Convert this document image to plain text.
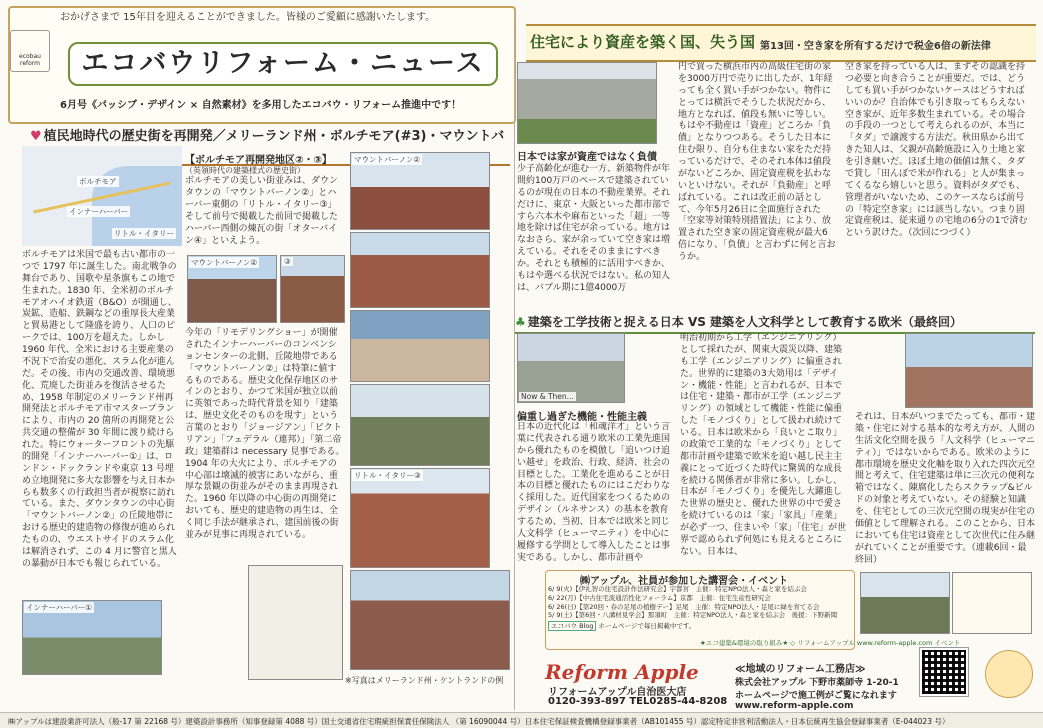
おかげさまで 15年目を迎えることができました。皆様のご愛顧に感謝いたします。
ecobau reform	エコバウリフォーム・ニュース
6月号《パッシブ・デザイン × 自然素材》を多用したエコバウ・リフォーム推進中です！
♥ 植民地時代の歴史街を再開発／メリーランド州・ボルチモア(#3)・マウントバ
ボルチモア
インナーハーバー
リトル・イタリー
ボルチモアは米国で最も古い都市の一つで 1797 年に誕生した。南北戦争の舞台であり、国歌や星条旗もこの地で生まれた。1830 年、全米初のボルチモアオハイオ鉄道（B&O）が開通し、炭鉱、造船、鉄鋼などの重厚長大産業と貿易港として隆盛を誇り、人口のピークでは、100万を超えた。しかし 1960 年代、全米における主要産業の不況下で治安の悪化、スラム化が進んだ。その後、市内の交通改善、環境悪化、荒廃した街並みを復活させるため、1958 年制定のメリーランド州再開発法とボルチモア市マスタープランにより、市内の 20 箇所の再開発と公共交通の整備が 30 年間に渡り続けられた。特にウォーターフロントの先駆的開発「インナーハーバー①」は、ロンドン・ドックランドや東京 13 号埋め立地開発に多大な影響を与え日本からも数多くの行政担当者が視察に訪れている。また、ダウンタウンの中心街「マウントバーノン②」の丘陵地帯における歴史的建造物の修復が進められたものの、ウエストサイドのスラム化は解消されず、この 4 月に警官と黒人の暴動が日本でも報じられている。
【ボルチモア再開発地区②・③】
（英領時代の建築様式の歴史街）
ボルチモアの美しい街並みは、ダウンタウンの「マウントバーノン②」とハーバー東側の「リトル・イタリー③」そして前号で掲載した前回で掲載したハーバー西側の煉瓦の街「オターバイン④」といえよう。
今年の「リモデリングショー」が開催されたインナーハーバーのコンベンションセンターの北側、丘陵地帯である「マウントバーノン②」は特筆に値するものである。歴史文化保存地区のサインのとおり、かつて米国が独立以前に英領であった時代背景を知り「建築は、歴史文化そのものを現す」という言葉のとおり「ジョージアン」「ビクトリアン」「フェデラル（連邦）」「第二帝政」建築群は necessary 見事である。1904 年の大火により、ボルチモアの中心部は壊滅的被害にあいながら、重厚な景観の街並みがそのまま再現された。1960 年以降の中心街の再開発においても、歴史的建造物の再生は、全く同じ手法が継承され、建国前後の街並みが見事に再現されている。
マウントバーノン②	③
マウントバーノン②
リトル・イタリー③
インナーハーバー①
※写真はメリーランド州・ケントランドの例
住宅により資産を築く国、失う国 第13回・空き家を所有するだけで税金6倍の新法律
日本では家が資産ではなく負債
少子高齢化が進む一方、新築物件が年間約100万戸のペースで建築されているのが現在の日本の不動産業界。それだけに、東京・大阪といった都市部ですら六本木や麻布といった「超」一等地を除けば住宅が余っている。地方はなおさら、家が余っていて空き家は増えている。それをそのままにすべきか。それとも積極的に活用すべきか、もはや選べる状況ではない。私の知人は、バブル期に1億4000万
円で買った横浜市内の高級住宅街の家を3000万円で売りに出したが、1年経っても全く買い手がつかない。物件にとっては横浜でそうした状況だから、地方となれば、値段も無いに等しい。もはや不動産は「資産」どころか「負債」となりつつある。そうした日本に住む限り、自分も住まない家をただ持っているだけで、そのそれ本体は値段がないどころか、固定資産税を払わないといけない。それが「負動産」と呼ばれている。これは改正前の話として、今年5月26日に全面施行された「空家等対策特別措置法」により、放置された空き家の固定資産税が最大6倍になり、「負債」と言わずに何と言おうか。
空き家を持っている人は、まずその認識を持つ必要と向き合うことが重要だ。では、どうしても買い手がつかないケースはどうすればいいのか？自治体でも引き取ってもらえない空き家が、近年多数生まれている。その場合の手段の一つとして考えられるのが、本当に「タダ」で譲渡する方法だ。秋田県から出てきた知人は、父親が高齢施設に入り土地と家を引き継いだ。ほぼ土地の価値は無く、タダで貸し「田んぼで米が作れる」と人が集まってくるなら嬉しいと思う。資料がタダでも、管理者がいないため、このケースならば前号の「特定空き家」には該当しない。つまり固定資産税は、従来通りの宅地の6分の1で済むという訳けた。（次回につづく）
♣ 建築を工学技術と捉える日本 VS 建築を人文科学として教育する欧米（最終回）
Now & Then...
偏重し過ぎた機能・性能主義
日本の近代化は「和魂洋才」という言葉に代表される通り欧米の工業先進国から優れたものを模倣し「追いつけ追い越せ」を政治、行政、経済、社会の目標とした。工業化を進めることが日本の目標と優れたものにはこだわりなく採用した。近代国家をつくるためのデザイン（ルネサンス）の基本を教育するため、当初、日本では欧米と同じ人文科学（ヒューマニティ）を中心に履修する学問として導入したことは事実である。しかし、都市計画や
明治初期から工学（エンジニアリング）として採れたが、関東大震災以降、建築も工学（エンジニアリング）に偏重された。世界的に建築の3大効用は「デザイン・機能・性能」と言われるが、日本では住宅・建築・都市が工学（エンジニアリング）の領域として機能・性能に偏重した「モノづくり」として扱われ続けている。日本は欧米から「良いとこ取り」の政策で工業的な「モノづくり」として都市計画や建築で欧米を追い越し民主主義にとって近づくた時代に驚異的な成長を続ける関係者が非常に多い。しかし、日本が「モノづくり」を優先し大躍進した世界の歴史と、優れた世界の中で愛さを続けているのは「家」「家具」「産業」が必ず一つ、住まいや「家」「住宅」が世界で認められず何処にも見えるところにない。日本は、
それは、日本がいつまでたっても、都市・建築・住宅に対する基本的な考え方が、人間の生活文化空間を扱う「人文科学（ヒューマニティ）」ではないからである。欧米のように都市環境を歴史文化軸を取り入れた四次元空間と考えて、住宅建築は単に三次元の便利な箱ではなく、陳腐化したらスクラップ&ビルドの対象と考えていない。その経験と知識を、住宅としての三次元空間の現実が住宅の価値として理解される。このことから、日本においても住宅は資産として次世代に住み継がれていくことが重要です。（連載6回・最終回）
㈱アップル、社員が参加した講習会・イベント
6/ 9(火)【伊礼智の住宅設計作法研究会】宇都宮　主催：特定NPO法人・森と家を結ぶ会
6/ 22(月)【中古住宅流通活性化フォーラム】京都　主催：住宅生産性研究会
6/ 26(日)【第20回・春の足尾の植樹デー】足尾　主催：特定NPO法人・足尾に緑を育てる会
5/ 9(土)【第6回・八溝材見学会】那須町　主催：特定NPO法人・森と家を結ぶ会　後援：下野新聞
エコバウ Blog ホームページで毎日掲載中です。
★エコ建築&環境の取り組み★ ◇ リフォームアップル www.reform-apple.com イベント
Reform Apple
リフォームアップル自治医大店
0120-393-897 TEL0285-44-8208
≪地域のリフォーム工務店≫
株式会社アップル 下野市薬師寺 1-20-1
ホームページで施工例がご覧になれます
www.reform-apple.com
㈱アップルは建設業許可法人（般-17 第 22168 号）建築設計事務所（知事登録第 4088 号）国土交通省住宅瑕疵担保責任保険法人 （第 16090044 号）日本住宅保証検査機構登録事業者（AB101455 号）認定特定非営利活動法人・日本伝統再生協会登録事業者（E-044023 号）
